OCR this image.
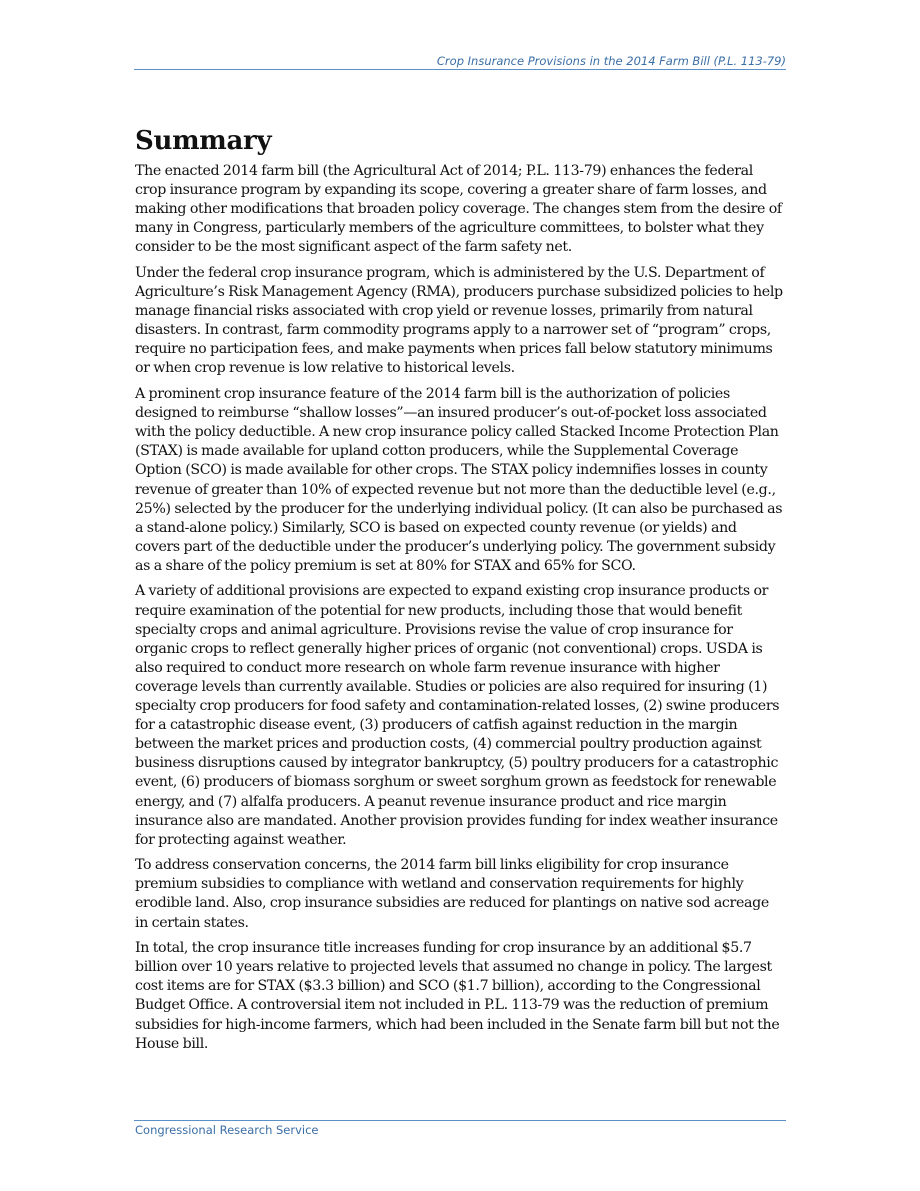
Crop Insurance Provisions in the 2014 Farm Bill (P.L. 113-79)
Summary

The enacted 2014 farm bill (the Agricultural Act of 2014; P.L. 113-79) enhances the federal crop insurance program by expanding its scope, covering a greater share of farm losses, and making other modifications that broaden policy coverage. The changes stem from the desire of many in Congress, particularly members of the agriculture committees, to bolster what they consider to be the most significant aspect of the farm safety net.

Under the federal crop insurance program, which is administered by the U.S. Department of Agriculture’s Risk Management Agency (RMA), producers purchase subsidized policies to help manage financial risks associated with crop yield or revenue losses, primarily from natural disasters. In contrast, farm commodity programs apply to a narrower set of “program” crops, require no participation fees, and make payments when prices fall below statutory minimums or when crop revenue is low relative to historical levels.

A prominent crop insurance feature of the 2014 farm bill is the authorization of policies designed to reimburse “shallow losses”—an insured producer’s out-of-pocket loss associated with the policy deductible. A new crop insurance policy called Stacked Income Protection Plan (STAX) is made available for upland cotton producers, while the Supplemental Coverage Option (SCO) is made available for other crops. The STAX policy indemnifies losses in county revenue of greater than 10% of expected revenue but not more than the deductible level (e.g., 25%) selected by the producer for the underlying individual policy. (It can also be purchased as a stand-alone policy.) Similarly, SCO is based on expected county revenue (or yields) and covers part of the deductible under the producer’s underlying policy. The government subsidy as a share of the policy premium is set at 80% for STAX and 65% for SCO.

A variety of additional provisions are expected to expand existing crop insurance products or require examination of the potential for new products, including those that would benefit specialty crops and animal agriculture. Provisions revise the value of crop insurance for organic crops to reflect generally higher prices of organic (not conventional) crops. USDA is also required to conduct more research on whole farm revenue insurance with higher coverage levels than currently available. Studies or policies are also required for insuring (1) specialty crop producers for food safety and contamination-related losses, (2) swine producers for a catastrophic disease event, (3) producers of catfish against reduction in the margin between the market prices and production costs, (4) commercial poultry production against business disruptions caused by integrator bankruptcy, (5) poultry producers for a catastrophic event, (6) producers of biomass sorghum or sweet sorghum grown as feedstock for renewable energy, and (7) alfalfa producers. A peanut revenue insurance product and rice margin insurance also are mandated. Another provision provides funding for index weather insurance for protecting against weather.

To address conservation concerns, the 2014 farm bill links eligibility for crop insurance premium subsidies to compliance with wetland and conservation requirements for highly erodible land. Also, crop insurance subsidies are reduced for plantings on native sod acreage in certain states.

In total, the crop insurance title increases funding for crop insurance by an additional $5.7 billion over 10 years relative to projected levels that assumed no change in policy. The largest cost items are for STAX ($3.3 billion) and SCO ($1.7 billion), according to the Congressional Budget Office. A controversial item not included in P.L. 113-79 was the reduction of premium subsidies for high-income farmers, which had been included in the Senate farm bill but not the House bill.

Congressional Research Service
